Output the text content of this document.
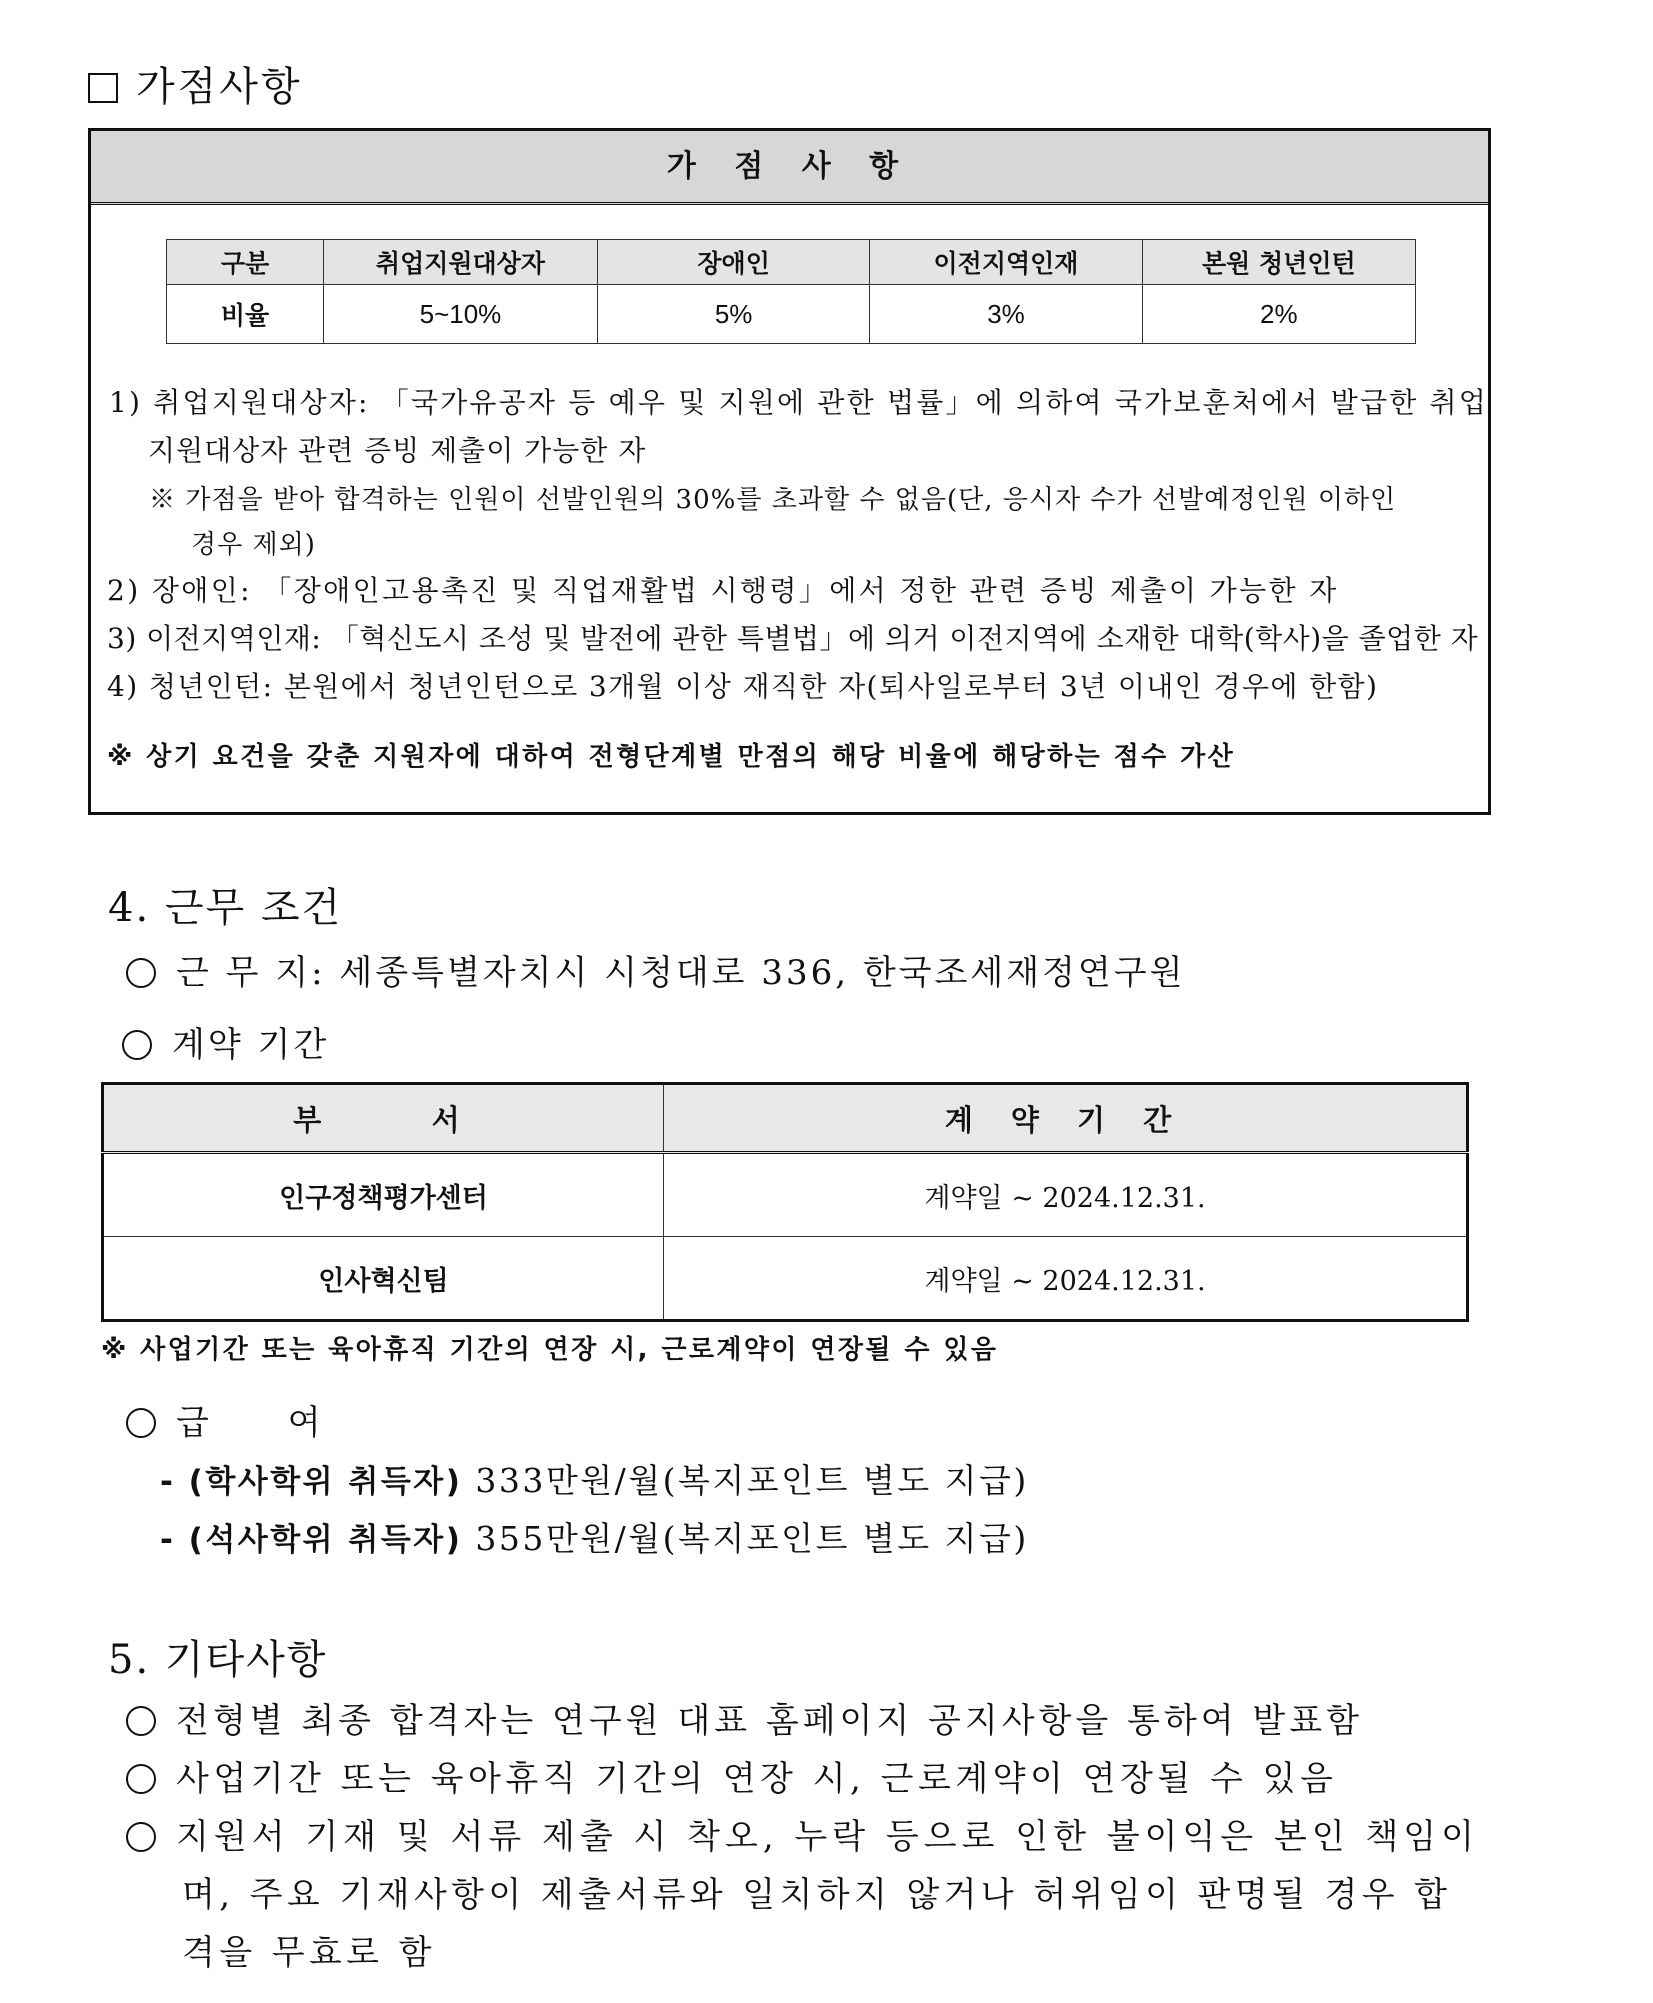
가점사항
가 점 사 항
구분	취업지원대상자	장애인	이전지역인재	본원 청년인턴
비율	5~10%	5%	3%	2%
1) 취업지원대상자: 「국가유공자 등 예우 및 지원에 관한 법률」에 의하여 국가보훈처에서 발급한 취업
지원대상자 관련 증빙 제출이 가능한 자
※ 가점을 받아 합격하는 인원이 선발인원의 30%를 초과할 수 없음(단, 응시자 수가 선발예정인원 이하인
경우 제외)
2) 장애인: 「장애인고용촉진 및 직업재활법 시행령」에서 정한 관련 증빙 제출이 가능한 자
3) 이전지역인재: 「혁신도시 조성 및 발전에 관한 특별법」에 의거 이전지역에 소재한 대학(학사)을 졸업한 자
4) 청년인턴: 본원에서 청년인턴으로 3개월 이상 재직한 자(퇴사일로부터 3년 이내인 경우에 한함)
※ 상기 요건을 갖춘 지원자에 대하여 전형단계별 만점의 해당 비율에 해당하는 점수 가산
4. 근무 조건
근 무 지: 세종특별자치시 시청대로 336, 한국조세재정연구원
계약 기간
부    서	계 약 기 간
인구정책평가센터	계약일 ~ 2024.12.31.
인사혁신팀	계약일 ~ 2024.12.31.
※ 사업기간 또는 육아휴직 기간의 연장 시, 근로계약이 연장될 수 있음
급      여
- (학사학위 취득자) 333만원/월(복지포인트 별도 지급)
- (석사학위 취득자) 355만원/월(복지포인트 별도 지급)
5. 기타사항
전형별 최종 합격자는 연구원 대표 홈페이지 공지사항을 통하여 발표함
사업기간 또는 육아휴직 기간의 연장 시, 근로계약이 연장될 수 있음
지원서 기재 및 서류 제출 시 착오, 누락 등으로 인한 불이익은 본인 책임이
며, 주요 기재사항이 제출서류와 일치하지 않거나 허위임이 판명될 경우 합
격을 무효로 함
